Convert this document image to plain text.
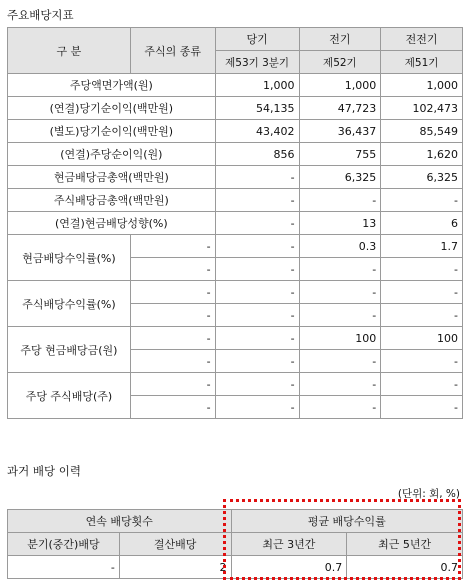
주요배당지표
구 분	주식의 종류	당기	전기	전전기
		제53기 3분기	제52기	제51기
주당액면가액(원)		1,000	1,000	1,000
(연결)당기순이익(백만원)		54,135	47,723	102,473
(별도)당기순이익(백만원)		43,402	36,437	85,549
(연결)주당순이익(원)		856	755	1,620
현금배당금총액(백만원)		-	6,325	6,325
주식배당금총액(백만원)		-	-	-
(연결)현금배당성향(%)		-	13	6
현금배당수익률(%)	-	-	0.3	1.7
	-	-	-	-
주식배당수익률(%)	-	-	-	-
	-	-	-	-
주당 현금배당금(원)	-	-	100	100
	-	-	-	-
주당 주식배당(주)	-	-	-	-
	-	-	-	-
과거 배당 이력
(단위: 회, %)
연속 배당횟수		평균 배당수익률	
분기(중간)배당	결산배당	최근 3년간	최근 5년간
-	2	0.7	0.7
